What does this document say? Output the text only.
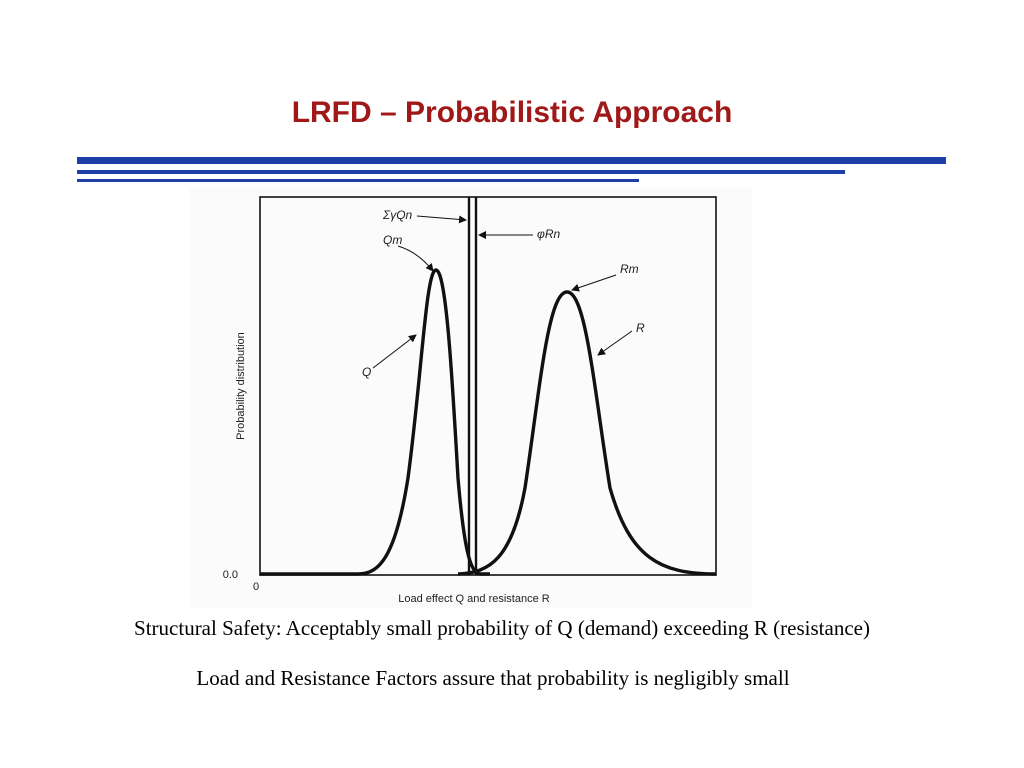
LRFD – Probabilistic Approach
Probability distribution
0.0
0
Load effect Q and resistance R
ΣγQn
φRn
Qm
Rm
Q
R
Structural Safety: Acceptably small probability of Q (demand) exceeding R (resistance)
Load and Resistance Factors assure that probability is negligibly small
